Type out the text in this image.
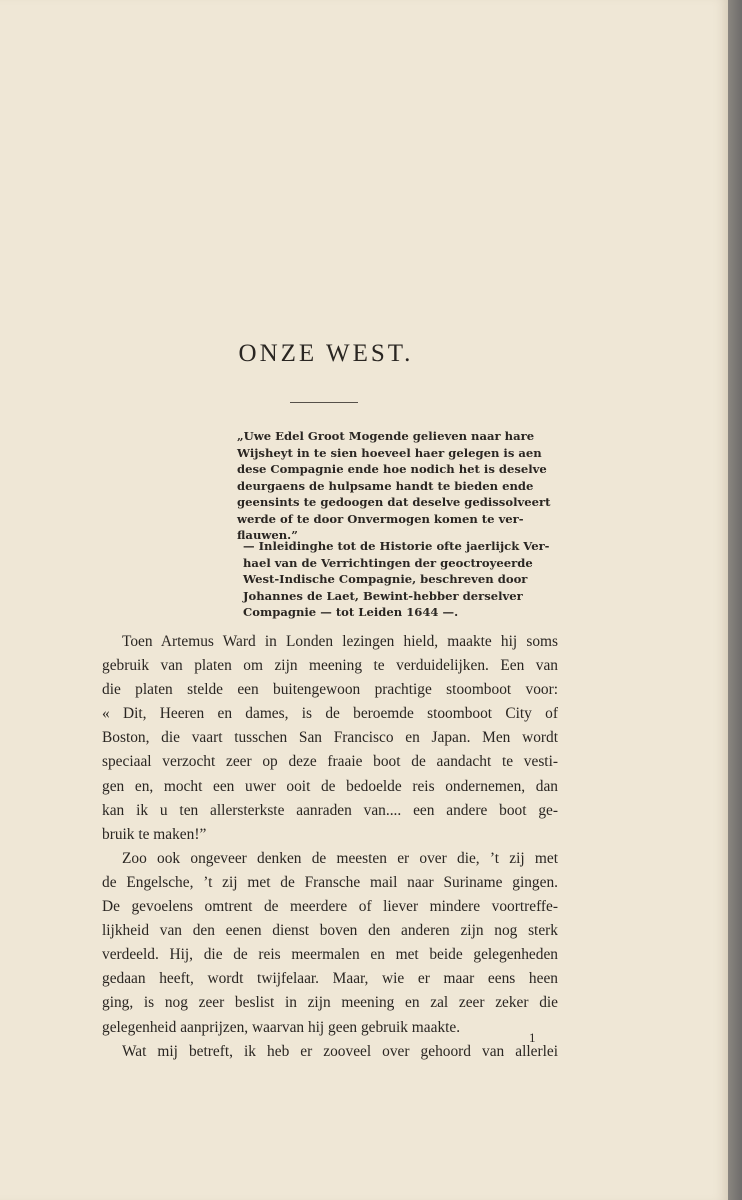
ONZE WEST.
„Uwe Edel Groot Mogende gelieven naar hare
Wijsheyt in te sien hoeveel haer gelegen is aen
dese Compagnie ende hoe nodich het is deselve
deurgaens de hulpsame handt te bieden ende
geensints te gedoogen dat deselve gedissolveert
werde of te door Onvermogen komen te ver-
flauwen.”
— Inleidinghe tot de Historie ofte jaerlijck Ver-
hael van de Verrichtingen der geoctroyeerde
West-Indische Compagnie, beschreven door
Johannes de Laet, Bewint-hebber derselver
Compagnie — tot Leiden 1644 —.
Toen Artemus Ward in Londen lezingen hield, maakte hij soms
gebruik van platen om zijn meening te verduidelijken. Een van
die platen stelde een buitengewoon prachtige stoomboot voor:
« Dit, Heeren en dames, is de beroemde stoomboot City of
Boston, die vaart tusschen San Francisco en Japan. Men wordt
speciaal verzocht zeer op deze fraaie boot de aandacht te vesti-
gen en, mocht een uwer ooit de bedoelde reis ondernemen, dan
kan ik u ten allersterkste aanraden van.... een andere boot ge-
bruik te maken!”
Zoo ook ongeveer denken de meesten er over die, ’t zij met
de Engelsche, ’t zij met de Fransche mail naar Suriname gingen.
De gevoelens omtrent de meerdere of liever mindere voortreffe-
lijkheid van den eenen dienst boven den anderen zijn nog sterk
verdeeld. Hij, die de reis meermalen en met beide gelegenheden
gedaan heeft, wordt twijfelaar. Maar, wie er maar eens heen
ging, is nog zeer beslist in zijn meening en zal zeer zeker die
gelegenheid aanprijzen, waarvan hij geen gebruik maakte.
Wat mij betreft, ik heb er zooveel over gehoord van allerlei
1
